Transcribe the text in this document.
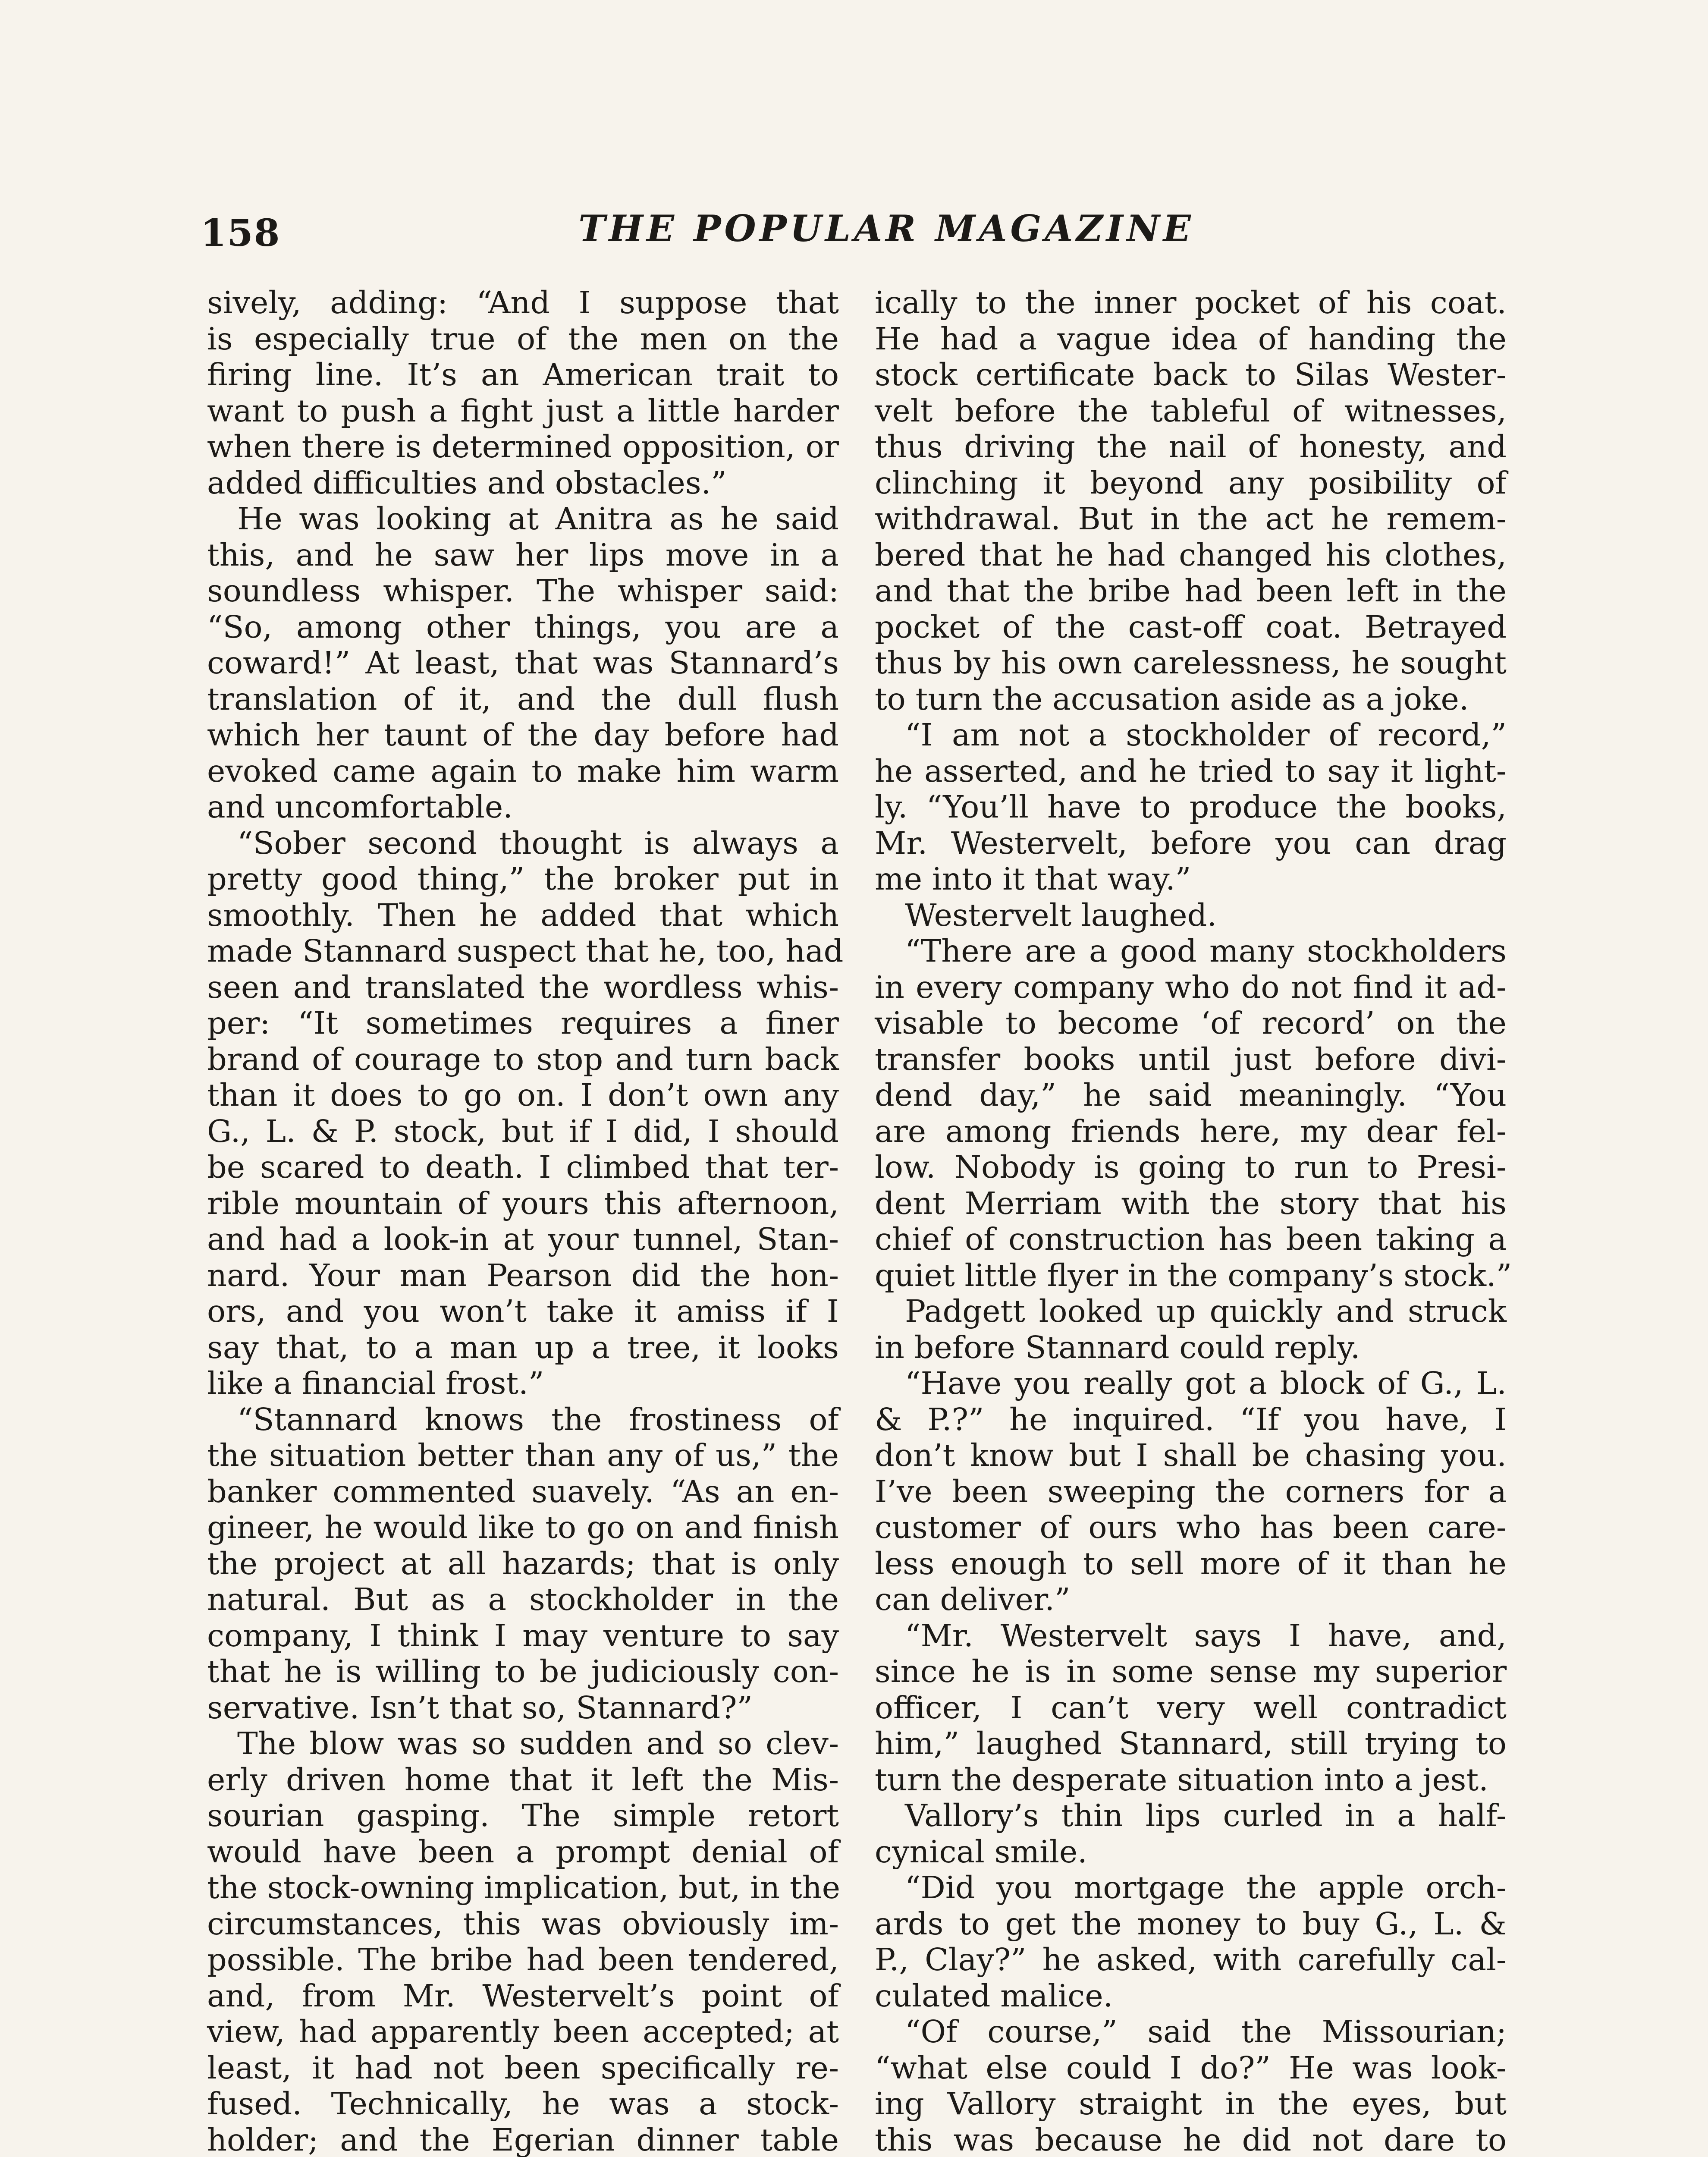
158	THE POPULAR MAGAZINE
sively, adding: “And I suppose that
is especially true of the men on the
firing line. It’s an American trait to
want to push a fight just a little harder
when there is determined opposition, or
added difficulties and obstacles.”
He was looking at Anitra as he said
this, and he saw her lips move in a
soundless whisper. The whisper said:
“So, among other things, you are a
coward!” At least, that was Stannard’s
translation of it, and the dull flush
which her taunt of the day before had
evoked came again to make him warm
and uncomfortable.
“Sober second thought is always a
pretty good thing,” the broker put in
smoothly. Then he added that which
made Stannard suspect that he, too, had
seen and translated the wordless whis-
per: “It sometimes requires a finer
brand of courage to stop and turn back
than it does to go on. I don’t own any
G., L. & P. stock, but if I did, I should
be scared to death. I climbed that ter-
rible mountain of yours this afternoon,
and had a look-in at your tunnel, Stan-
nard. Your man Pearson did the hon-
ors, and you won’t take it amiss if I
say that, to a man up a tree, it looks
like a financial frost.”
“Stannard knows the frostiness of
the situation better than any of us,” the
banker commented suavely. “As an en-
gineer, he would like to go on and finish
the project at all hazards; that is only
natural. But as a stockholder in the
company, I think I may venture to say
that he is willing to be judiciously con-
servative. Isn’t that so, Stannard?”
The blow was so sudden and so clev-
erly driven home that it left the Mis-
sourian gasping. The simple retort
would have been a prompt denial of
the stock-owning implication, but, in the
circumstances, this was obviously im-
possible. The bribe had been tendered,
and, from Mr. Westervelt’s point of
view, had apparently been accepted; at
least, it had not been specifically re-
fused. Technically, he was a stock-
holder; and the Egerian dinner table
ically to the inner pocket of his coat.
He had a vague idea of handing the
stock certificate back to Silas Wester-
velt before the tableful of witnesses,
thus driving the nail of honesty, and
clinching it beyond any posibility of
withdrawal. But in the act he remem-
bered that he had changed his clothes,
and that the bribe had been left in the
pocket of the cast-off coat. Betrayed
thus by his own carelessness, he sought
to turn the accusation aside as a joke.
“I am not a stockholder of record,”
he asserted, and he tried to say it light-
ly. “You’ll have to produce the books,
Mr. Westervelt, before you can drag
me into it that way.”
Westervelt laughed.
“There are a good many stockholders
in every company who do not find it ad-
visable to become ‘of record’ on the
transfer books until just before divi-
dend day,” he said meaningly. “You
are among friends here, my dear fel-
low. Nobody is going to run to Presi-
dent Merriam with the story that his
chief of construction has been taking a
quiet little flyer in the company’s stock.”
Padgett looked up quickly and struck
in before Stannard could reply.
“Have you really got a block of G., L.
& P.?” he inquired. “If you have, I
don’t know but I shall be chasing you.
I’ve been sweeping the corners for a
customer of ours who has been care-
less enough to sell more of it than he
can deliver.”
“Mr. Westervelt says I have, and,
since he is in some sense my superior
officer, I can’t very well contradict
him,” laughed Stannard, still trying to
turn the desperate situation into a jest.
Vallory’s thin lips curled in a half-
cynical smile.
“Did you mortgage the apple orch-
ards to get the money to buy G., L. &
P., Clay?” he asked, with carefully cal-
culated malice.
“Of course,” said the Missourian;
“what else could I do?” He was look-
ing Vallory straight in the eyes, but
this was because he did not dare to
